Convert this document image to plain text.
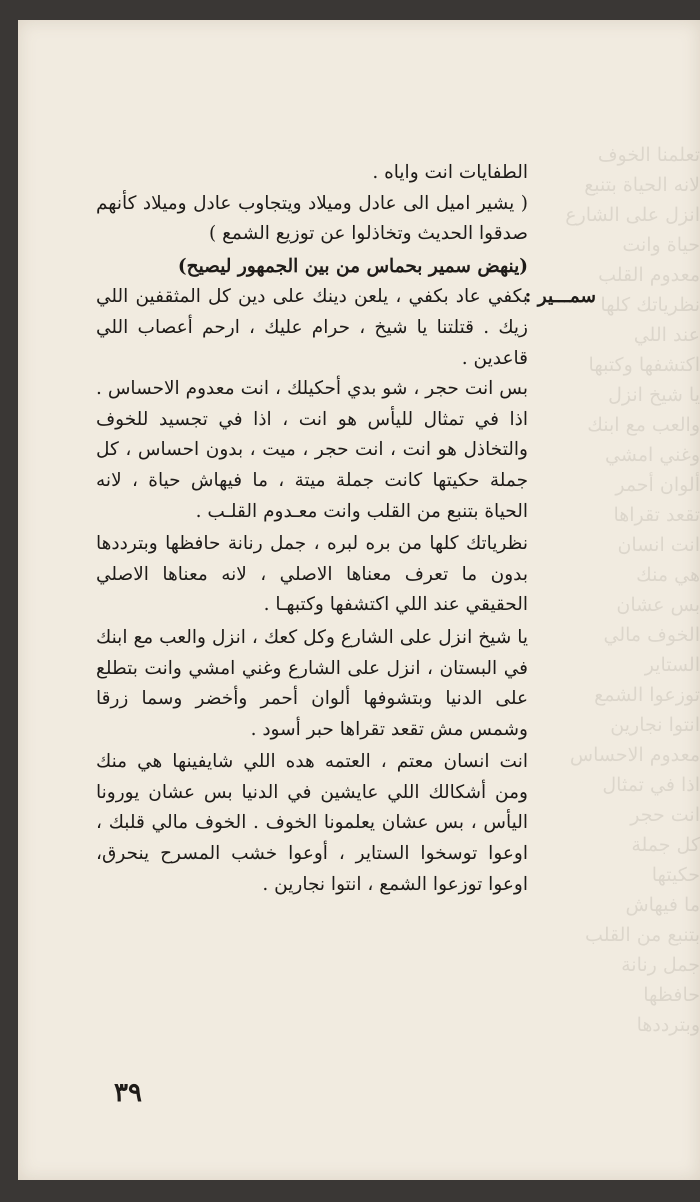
تعلمنا الخوف
لانه الحياة بتنبع
انزل على الشارع
حياة وانت
معدوم القلب
نظرياتك كلها
عند اللي
اكتشفها وكتبها
يا شيخ انزل
والعب مع ابنك
وغني امشي
ألوان أحمر
تقعد تقراها
انت انسان
هي منك
بس عشان
الخوف مالي
الستاير
توزعوا الشمع
انتوا نجارين
معدوم الاحساس
اذا في تمثال
انت حجر
كل جملة
حكيتها
ما فيهاش
بتنبع من القلب
جمل رنانة
حافظها
وبترددها

الطفايات انت واياه .

( يشير اميل الى عادل وميلاد ويتجاوب عادل وميلاد كأنهم صدقوا الحديث وتخاذلوا عن توزيع الشمع )

(ينهض سمير بحماس من بين الجمهور ليصيح)

سمـــير :

بكفي عاد بكفي ، يلعن دينك على دين كل المثقفين اللي زيك . قتلتنا يا شيخ ، حرام عليك ، ارحم أعصاب اللي قاعدين .

بس انت حجر ، شو بدي أحكيلك ، انت معدوم الاحساس . اذا في تمثال لليأس هو انت ، اذا في تجسيد للخوف والتخاذل هو انت ، انت حجر ، ميت ، بدون احساس ، كل جملة حكيتها كانت جملة ميتة ، ما فيهاش حياة ، لانه الحياة بتنبع من القلب وانت معـدوم القلـب .

نظرياتك كلها من بره لبره ، جمل رنانة حافظها وبترددها بدون ما تعرف معناها الاصلي ، لانه معناها الاصلي الحقيقي عند اللي اكتشفها وكتبهـا .

يا شيخ انزل على الشارع وكل كعك ، انزل والعب مع ابنك في البستان ، انزل على الشارع وغني امشي وانت بتطلع على الدنيا وبتشوفها ألوان أحمر وأخضر وسما زرقا وشمس مش تقعد تقراها حبر أسود .

انت انسان معتم ، العتمه هده اللي شايفينها هي منك ومن أشكالك اللي عايشين في الدنيا بس عشان يورونا اليأس ، بس عشان يعلمونا الخوف . الخوف مالي قلبك ، اوعوا توسخوا الستاير ، أوعوا خشب المسرح ينحرق، اوعوا توزعوا الشمع ، انتوا نجارين .

٣٩
